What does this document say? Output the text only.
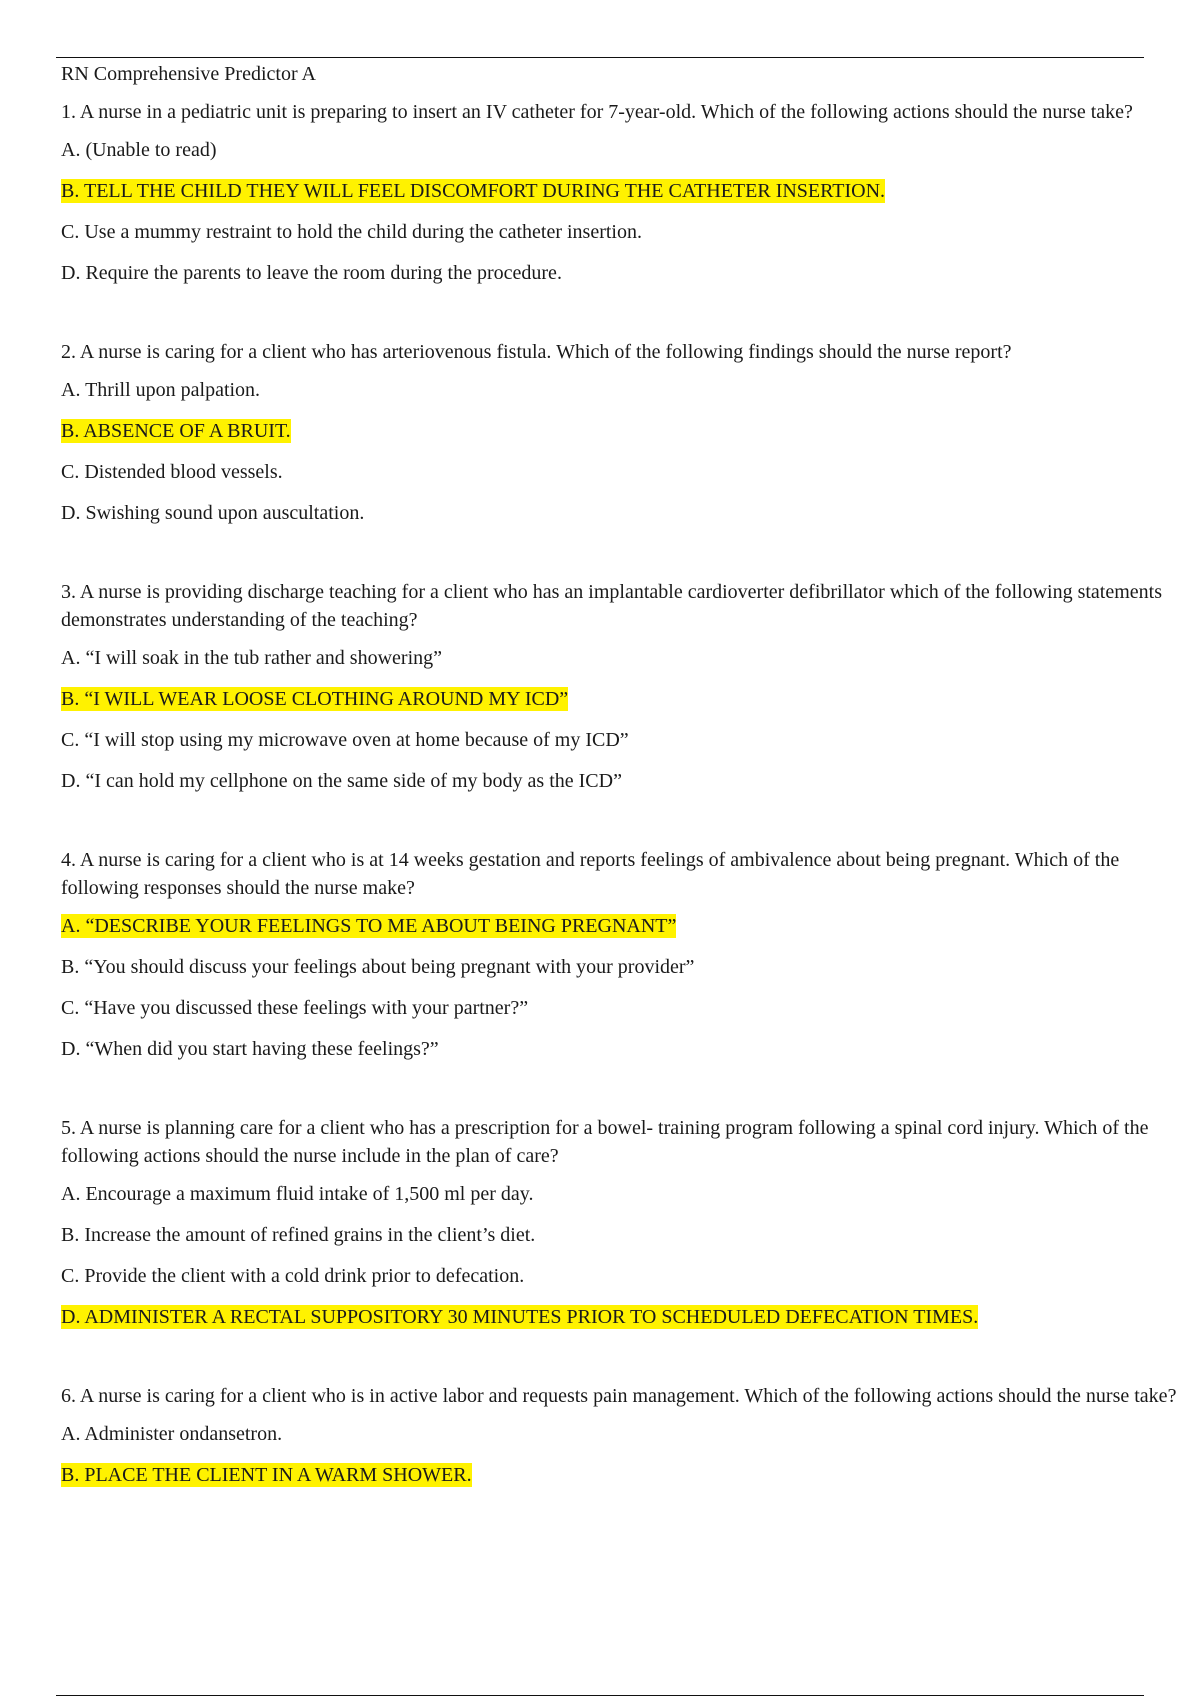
RN Comprehensive Predictor A

1. A nurse in a pediatric unit is preparing to insert an IV catheter for 7-year-old. Which of the following actions should the nurse take?

A. (Unable to read)

B. TELL THE CHILD THEY WILL FEEL DISCOMFORT DURING THE CATHETER INSERTION.

C. Use a mummy restraint to hold the child during the catheter insertion.

D. Require the parents to leave the room during the procedure.

2. A nurse is caring for a client who has arteriovenous fistula. Which of the following findings should the nurse report?

A. Thrill upon palpation.

B. ABSENCE OF A BRUIT.

C. Distended blood vessels.

D. Swishing sound upon auscultation.

3. A nurse is providing discharge teaching for a client who has an implantable cardioverter defibrillator which of the following statements demonstrates understanding of the teaching?

A. “I will soak in the tub rather and showering”

B. “I WILL WEAR LOOSE CLOTHING AROUND MY ICD”

C. “I will stop using my microwave oven at home because of my ICD”

D. “I can hold my cellphone on the same side of my body as the ICD”

4. A nurse is caring for a client who is at 14 weeks gestation and reports feelings of ambivalence about being pregnant. Which of the following responses should the nurse make?

A. “DESCRIBE YOUR FEELINGS TO ME ABOUT BEING PREGNANT”

B. “You should discuss your feelings about being pregnant with your provider”

C. “Have you discussed these feelings with your partner?”

D. “When did you start having these feelings?”

5. A nurse is planning care for a client who has a prescription for a bowel- training program following a spinal cord injury. Which of the following actions should the nurse include in the plan of care?

A. Encourage a maximum fluid intake of 1,500 ml per day.

B. Increase the amount of refined grains in the client’s diet.

C. Provide the client with a cold drink prior to defecation.

D. ADMINISTER A RECTAL SUPPOSITORY 30 MINUTES PRIOR TO SCHEDULED DEFECATION TIMES.

6. A nurse is caring for a client who is in active labor and requests pain management. Which of the following actions should the nurse take?

A. Administer ondansetron.

B. PLACE THE CLIENT IN A WARM SHOWER.
